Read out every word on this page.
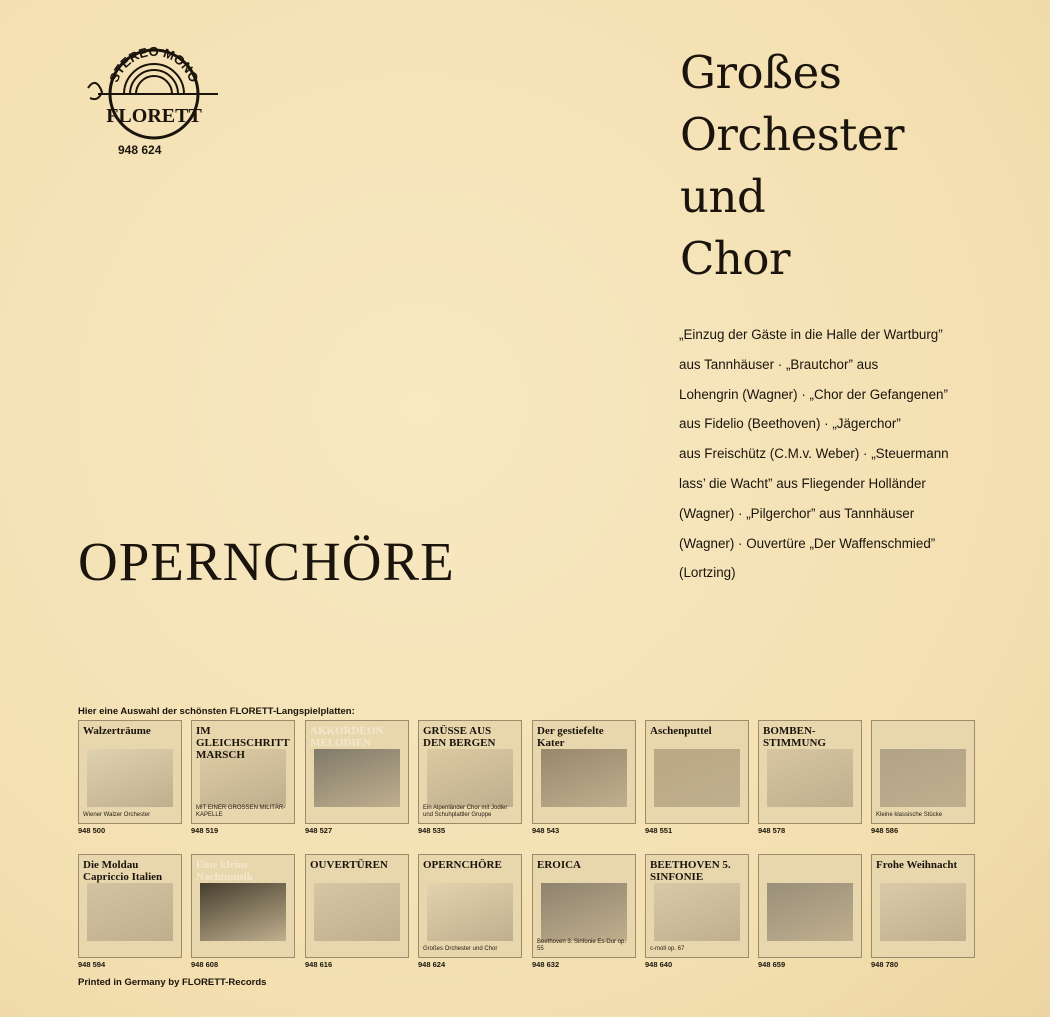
STEREO MONO
FLORETT
948 624
Großes
Orchester
und
Chor
„Einzug der Gäste in die Halle der Wartburg”
aus Tannhäuser · „Brautchor” aus
Lohengrin (Wagner) · „Chor der Gefangenen”
aus Fidelio (Beethoven) · „Jägerchor”
aus Freischütz (C.M.v. Weber) · „Steuermann
lass’ die Wacht” aus Fliegender Holländer
(Wagner) · „Pilgerchor” aus Tannhäuser
(Wagner) · Ouvertüre „Der Waffenschmied”
(Lortzing)
OPERNCHÖRE
Hier eine Auswahl der schönsten FLORETT-Langspielplatten:
Walzerträume
Wiener Walzer Orchester
948 500
IM GLEICHSCHRITT MARSCH
MIT EINER GROSSEN MILITÄR-KAPELLE
948 519
AKKORDEON MELODIEN
948 527
GRÜSSE AUS DEN BERGEN
Ein Alpenländer Chor mit Jodler und Schuhplattler Gruppe
948 535
Der gestiefelte Kater
948 543
Aschenputtel
948 551
BOMBEN-STIMMUNG
948 578
Kleine klassische Stücke
948 586
Die Moldau Capriccio Italien
948 594
Eine kleine Nachtmusik
948 608
OUVERTÜREN
948 616
OPERNCHÖRE
Großes Orchester und Chor
948 624
EROICA
Beethoven 3. Sinfonie Es-Dur op. 55
948 632
BEETHOVEN 5. SINFONIE
c-moll op. 67
948 640	948 659
Frohe Weihnacht
948 780
Printed in Germany by FLORETT-Records
